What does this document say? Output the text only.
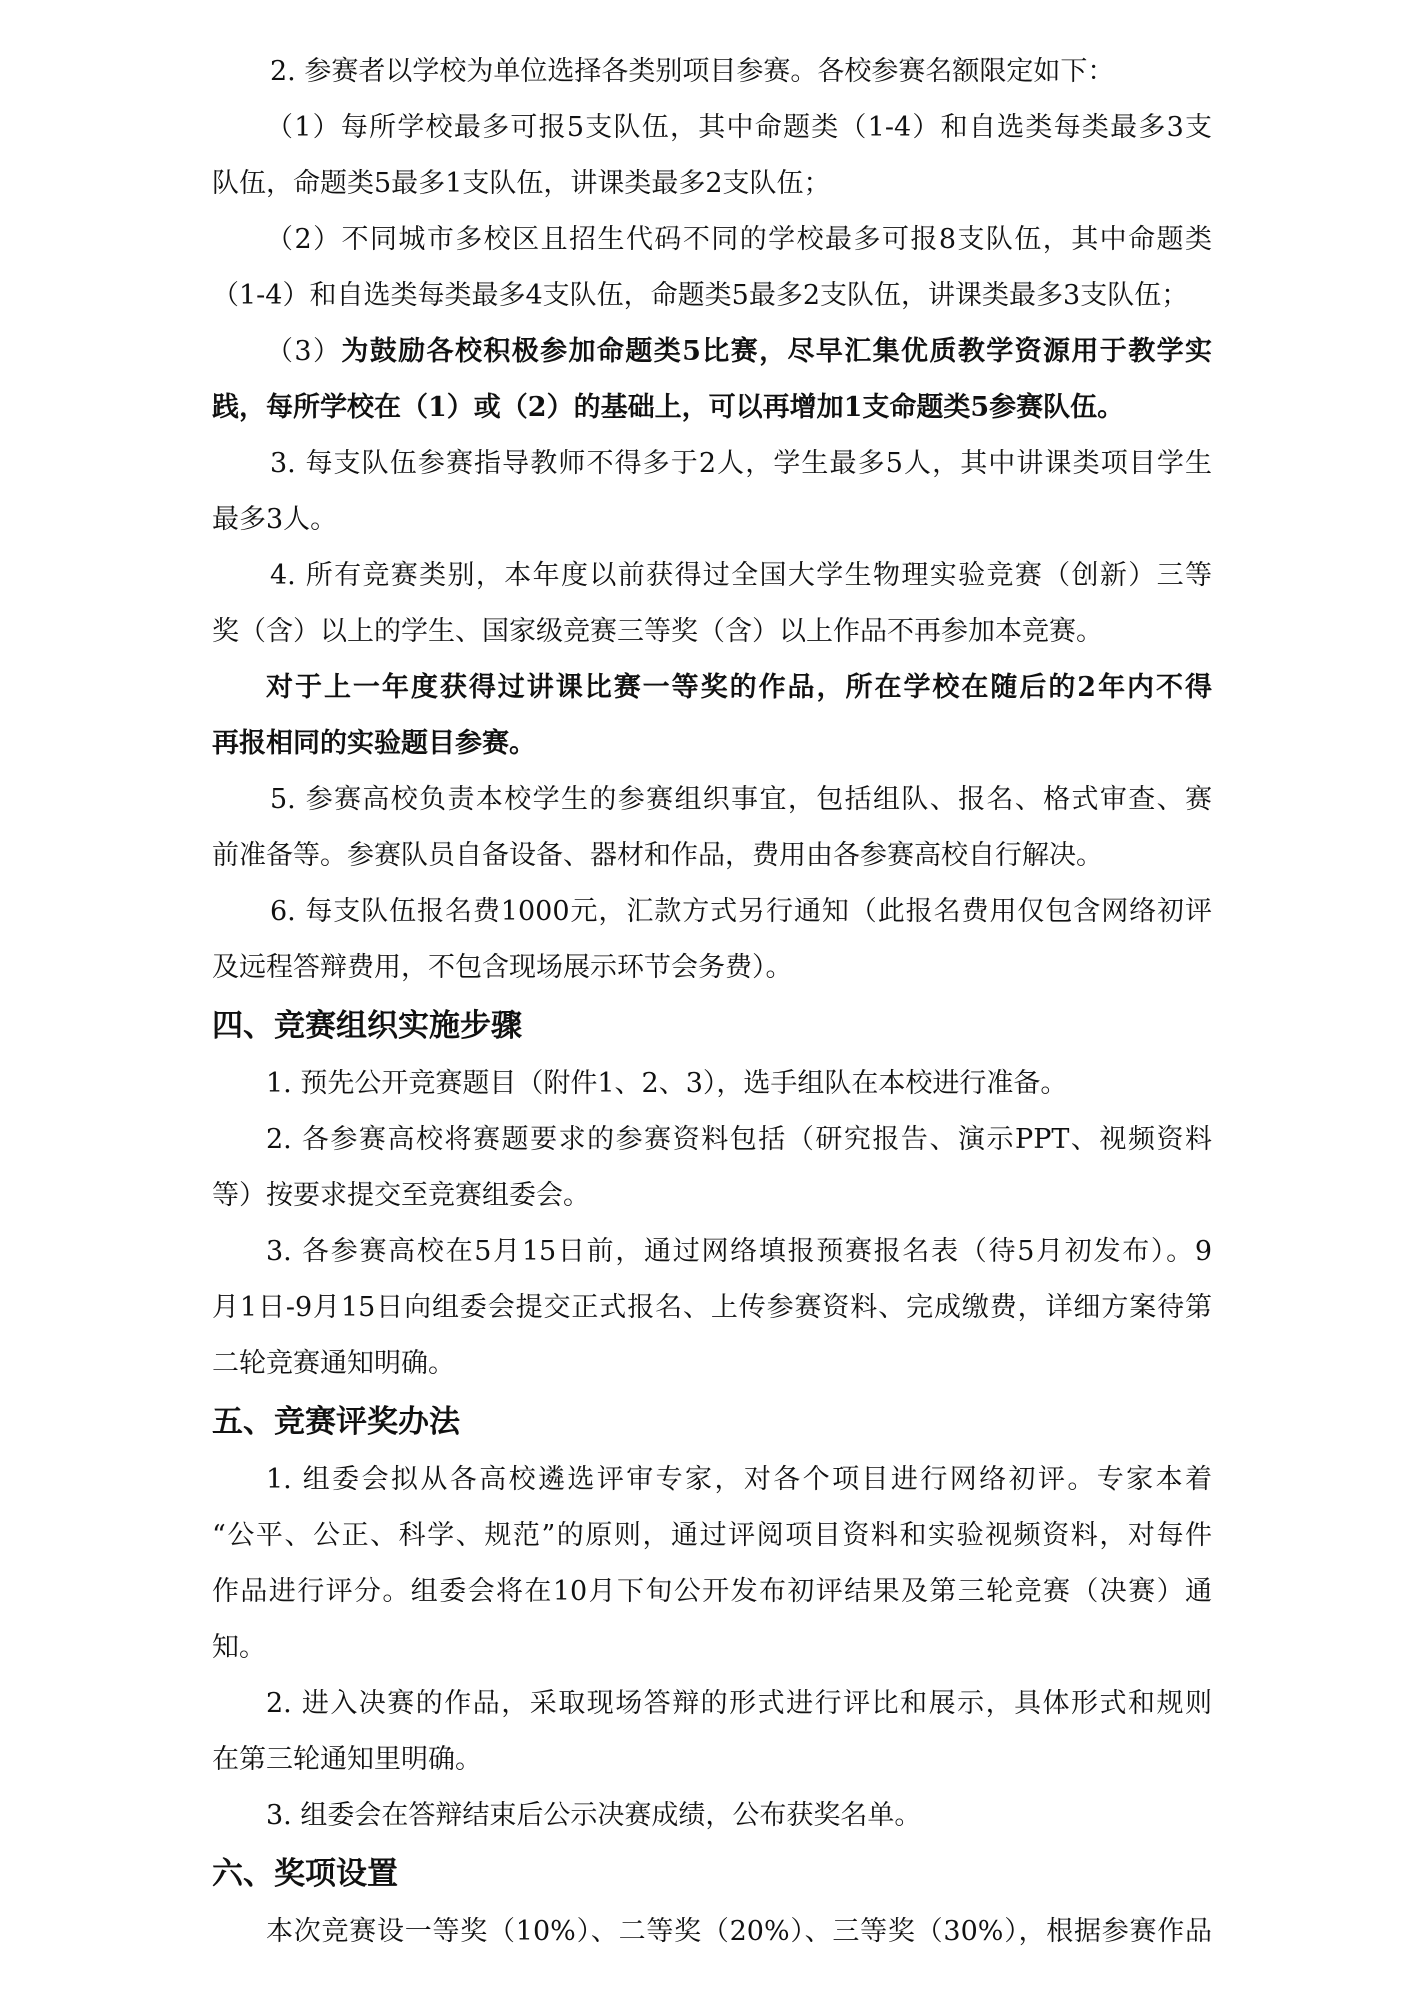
2. 参赛者以学校为单位选择各类别项目参赛。各校参赛名额限定如下：

（1）每所学校最多可报5支队伍，其中命题类（1-4）和自选类每类最多3支

队伍，命题类5最多1支队伍，讲课类最多2支队伍；

（2）不同城市多校区且招生代码不同的学校最多可报8支队伍，其中命题类

（1-4）和自选类每类最多4支队伍，命题类5最多2支队伍，讲课类最多3支队伍；

（3）为鼓励各校积极参加命题类5比赛，尽早汇集优质教学资源用于教学实

践，每所学校在（1）或（2）的基础上，可以再增加1支命题类5参赛队伍。

3. 每支队伍参赛指导教师不得多于2人，学生最多5人，其中讲课类项目学生

最多3人。

4. 所有竞赛类别，本年度以前获得过全国大学生物理实验竞赛（创新）三等

奖（含）以上的学生、国家级竞赛三等奖（含）以上作品不再参加本竞赛。

对于上一年度获得过讲课比赛一等奖的作品，所在学校在随后的2年内不得

再报相同的实验题目参赛。

5. 参赛高校负责本校学生的参赛组织事宜，包括组队、报名、格式审查、赛

前准备等。参赛队员自备设备、器材和作品，费用由各参赛高校自行解决。

6. 每支队伍报名费1000元，汇款方式另行通知（此报名费用仅包含网络初评

及远程答辩费用，不包含现场展示环节会务费）。

四、竞赛组织实施步骤

1. 预先公开竞赛题目（附件1、2、3），选手组队在本校进行准备。

2. 各参赛高校将赛题要求的参赛资料包括（研究报告、演示PPT、视频资料

等）按要求提交至竞赛组委会。

3. 各参赛高校在5月15日前，通过网络填报预赛报名表（待5月初发布）。9

月1日-9月15日向组委会提交正式报名、上传参赛资料、完成缴费，详细方案待第

二轮竞赛通知明确。

五、竞赛评奖办法

1. 组委会拟从各高校遴选评审专家，对各个项目进行网络初评。专家本着

“公平、公正、科学、规范”的原则，通过评阅项目资料和实验视频资料，对每件

作品进行评分。组委会将在10月下旬公开发布初评结果及第三轮竞赛（决赛）通

知。

2. 进入决赛的作品，采取现场答辩的形式进行评比和展示，具体形式和规则

在第三轮通知里明确。

3. 组委会在答辩结束后公示决赛成绩，公布获奖名单。

六、奖项设置

本次竞赛设一等奖（10%）、二等奖（20%）、三等奖（30%），根据参赛作品
